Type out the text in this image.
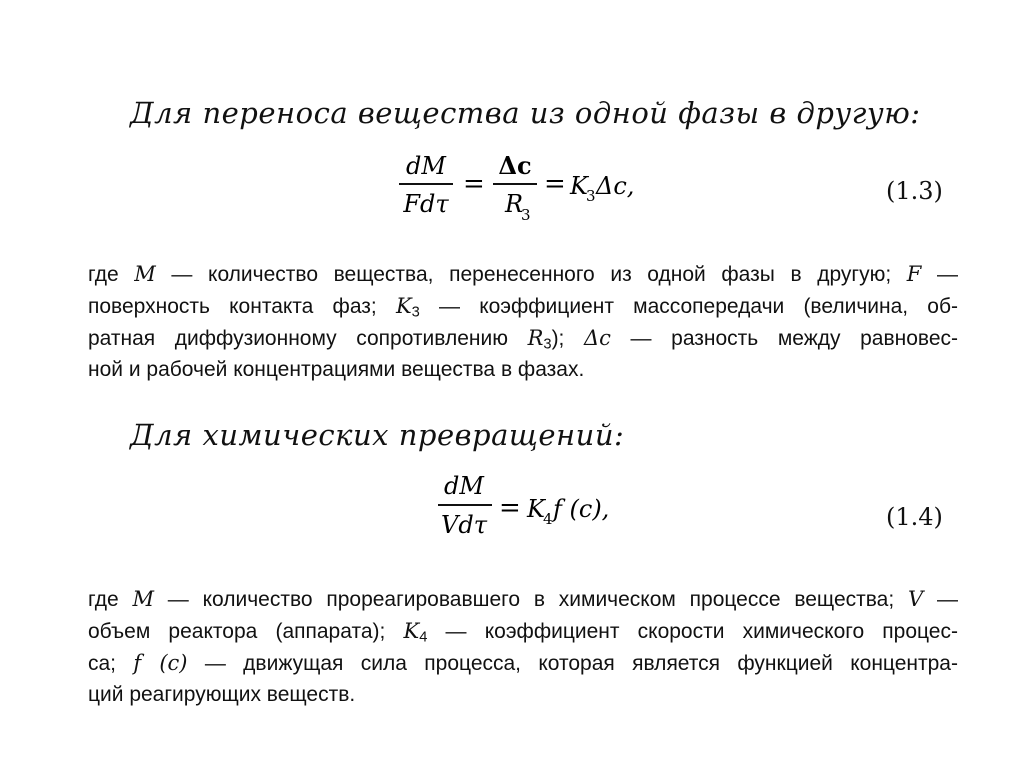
Для переноса вещества из одной фазы в другую:
dM
Fdτ
=
Δc
R
3
= K
3 Δc,	(1.3)
где M — количество вещества, перенесенного из одной фазы в другую; F —
поверхность контакта фаз; $K_3$ — коэффициент массопередачи (величина, об-
ратная диффузионному сопротивлению $R_3$); Δc — разность между равновес-
ной и рабочей концентрациями вещества в фазах.
Для химических превращений:
dM
Vdτ
= K
4 f (c),	(1.4)
где M — количество прореагировавшего в химическом процессе вещества; V —
объем реактора (аппарата); $K_4$ — коэффициент скорости химического процес-
са; f (c) — движущая сила процесса, которая является функцией концентра-
ций реагирующих веществ.
